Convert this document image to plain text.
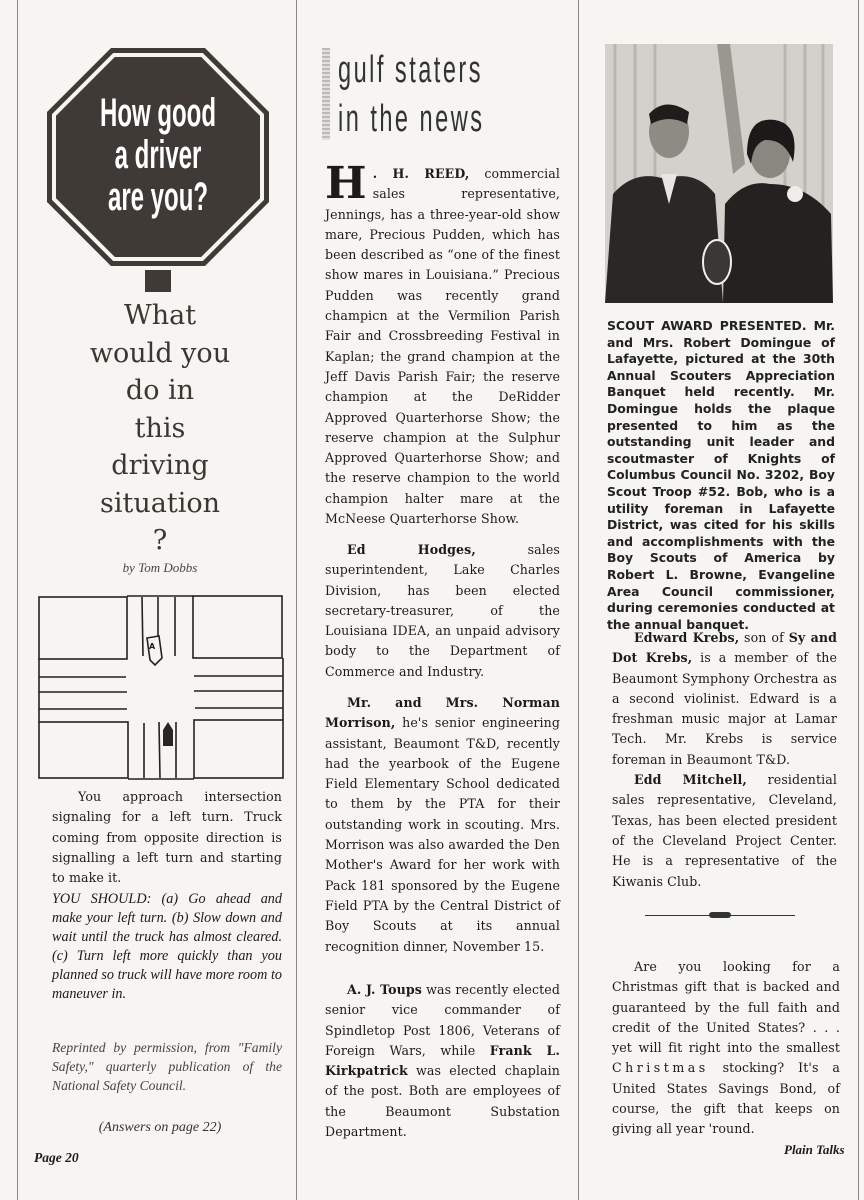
How good
a driver
are you?
What
would you
do in
this
driving
situation
?
by Tom Dobbs
A

You approach intersection signaling for a left turn. Truck coming from opposite direction is signalling a left turn and starting to make it.

YOU SHOULD: (a) Go ahead and make your left turn. (b) Slow down and wait until the truck has almost cleared. (c) Turn left more quickly than you planned so truck will have more room to maneuver in.
Reprinted by permission, from "Family Safety," quarterly publication of the National Safety Council.
(Answers on page 22)
Page 20
gulf staters
in the news
H . H. REED, commercial sales representative, Jennings, has a three-year-old show mare, Precious Pudden, which has been described as “one of the finest show mares in Louisiana.” Precious Pudden was recently grand champicn at the Vermilion Parish Fair and Crossbreeding Festival in Kaplan; the grand champion at the Jeff Davis Parish Fair; the reserve champion at the DeRidder Approved Quarterhorse Show; the reserve champion at the Sulphur Approved Quarterhorse Show; and the reserve champion to the world champion halter mare at the McNeese Quarterhorse Show.

Ed Hodges, sales superintendent, Lake Charles Division, has been elected secretary-treasurer, of the Louisiana IDEA, an unpaid advisory body to the Department of Commerce and Industry.

Mr. and Mrs. Norman Morrison, he's senior engineering assistant, Beaumont T&D, recently had the yearbook of the Eugene Field Elementary School dedicated to them by the PTA for their outstanding work in scouting. Mrs. Morrison was also awarded the Den Mother's Award for her work with Pack 181 sponsored by the Eugene Field PTA by the Central District of Boy Scouts at its annual recognition dinner, November 15.

A. J. Toups was recently elected senior vice commander of Spindletop Post 1806, Veterans of Foreign Wars, while Frank L. Kirkpatrick was elected chaplain of the post. Both are employees of the Beaumont Substation Department.

SCOUT AWARD PRESENTED. Mr. and Mrs. Robert Domingue of Lafayette, pictured at the 30th Annual Scouters Appreciation Banquet held recently. Mr. Domingue holds the plaque presented to him as the outstanding unit leader and scoutmaster of Knights of Columbus Council No. 3202, Boy Scout Troop #52. Bob, who is a utility foreman in Lafayette District, was cited for his skills and accomplishments with the Boy Scouts of America by Robert L. Browne, Evangeline Area Council commissioner, during ceremonies conducted at the annual banquet.

Edward Krebs, son of Sy and Dot Krebs, is a member of the Beaumont Symphony Orchestra as a second violinist. Edward is a freshman music major at Lamar Tech. Mr. Krebs is service foreman in Beaumont T&D.

Edd Mitchell, residential sales representative, Cleveland, Texas, has been elected president of the Cleveland Project Center. He is a representative of the Kiwanis Club.

Are you looking for a Christmas gift that is backed and guaranteed by the full faith and credit of the United States? . . . yet will fit right into the smallest Christmas stocking? It's a United States Savings Bond, of course, the gift that keeps on giving all year 'round.

Plain Talks
